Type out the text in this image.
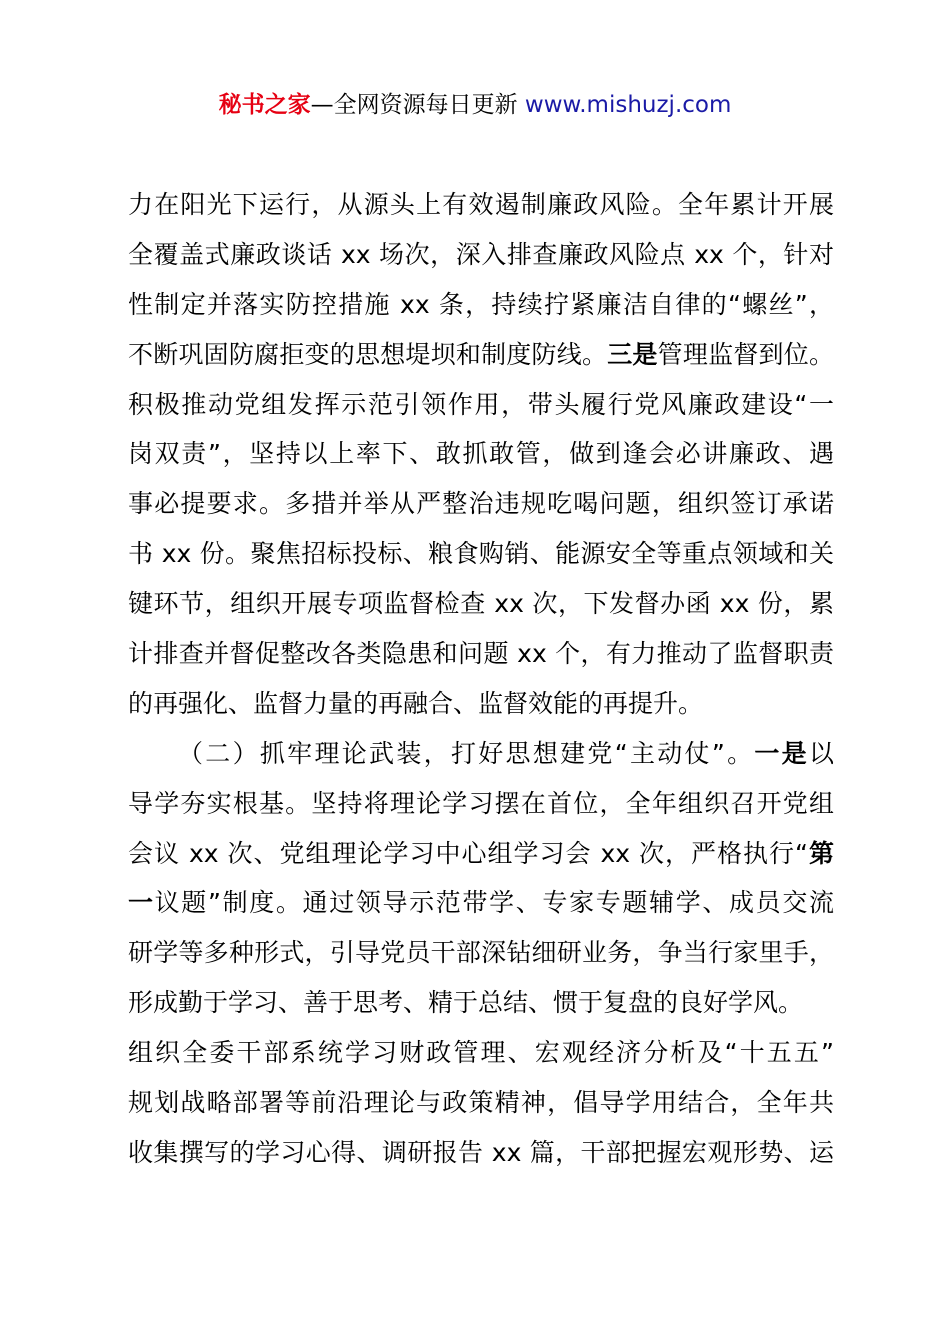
秘书之家—全网资源每日更新 www.mishuzj.com
力在阳光下运行，从源头上有效遏制廉政风险。全年累计开展
全覆盖式廉政谈话 xx 场次，深入排查廉政风险点 xx 个，针对
性制定并落实防控措施 xx 条，持续拧紧廉洁自律的“螺丝”，
不断巩固防腐拒变的思想堤坝和制度防线。三是管理监督到位。
积极推动党组发挥示范引领作用，带头履行党风廉政建设“一
岗双责”，坚持以上率下、敢抓敢管，做到逢会必讲廉政、遇
事必提要求。多措并举从严整治违规吃喝问题，组织签订承诺
书 xx 份。聚焦招标投标、粮食购销、能源安全等重点领域和关
键环节，组织开展专项监督检查 xx 次，下发督办函 xx 份，累
计排查并督促整改各类隐患和问题 xx 个，有力推动了监督职责
的再强化、监督力量的再融合、监督效能的再提升。
（二）抓牢理论武装，打好思想建党“主动仗”。一是以
导学夯实根基。坚持将理论学习摆在首位，全年组织召开党组
会议 xx 次、党组理论学习中心组学习会 xx 次，严格执行“第
一议题”制度。通过领导示范带学、专家专题辅学、成员交流
研学等多种形式，引导党员干部深钻细研业务，争当行家里手，
形成勤于学习、善于思考、精于总结、惯于复盘的良好学风。
组织全委干部系统学习财政管理、宏观经济分析及“十五五”
规划战略部署等前沿理论与政策精神，倡导学用结合，全年共
收集撰写的学习心得、调研报告 xx 篇，干部把握宏观形势、运
